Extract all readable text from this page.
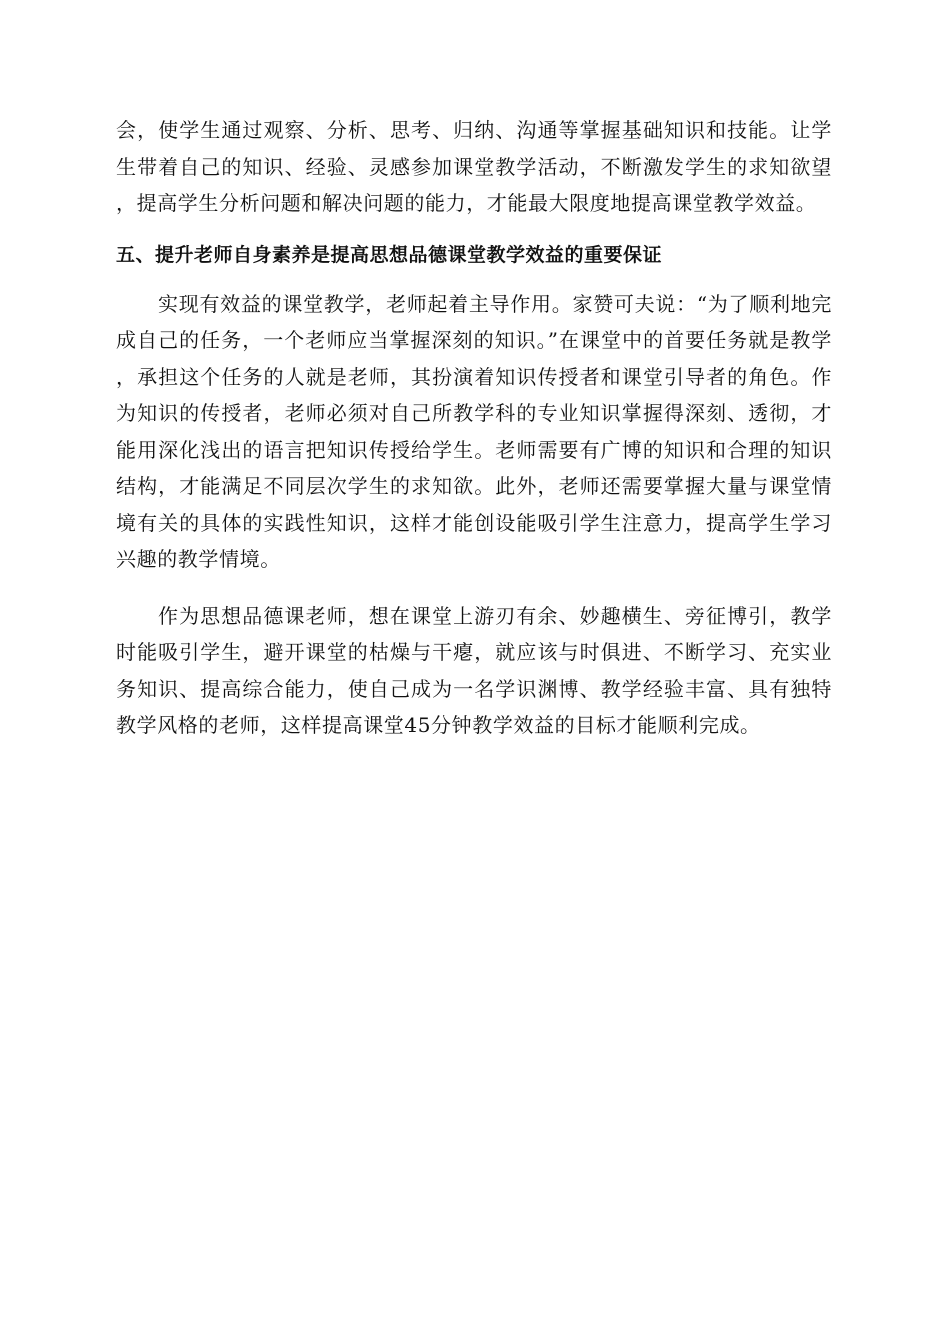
会，使学生通过观察、分析、思考、归纳、沟通等掌握基础知识和技能。让学生带着自己的知识、经验、灵感参加课堂教学活动，不断激发学生的求知欲望，提高学生分析问题和解决问题的能力，才能最大限度地提高课堂教学效益。

五、提升老师自身素养是提高思想品德课堂教学效益的重要保证

实现有效益的课堂教学，老师起着主导作用。家赞可夫说：“为了顺利地完成自己的任务，一个老师应当掌握深刻的知识。”在课堂中的首要任务就是教学，承担这个任务的人就是老师，其扮演着知识传授者和课堂引导者的角色。作为知识的传授者，老师必须对自己所教学科的专业知识掌握得深刻、透彻，才能用深化浅出的语言把知识传授给学生。老师需要有广博的知识和合理的知识结构，才能满足不同层次学生的求知欲。此外，老师还需要掌握大量与课堂情境有关的具体的实践性知识，这样才能创设能吸引学生注意力，提高学生学习兴趣的教学情境。

作为思想品德课老师，想在课堂上游刃有余、妙趣横生、旁征博引，教学时能吸引学生，避开课堂的枯燥与干瘪，就应该与时俱进、不断学习、充实业务知识、提高综合能力，使自己成为一名学识渊博、教学经验丰富、具有独特教学风格的老师，这样提高课堂45分钟教学效益的目标才能顺利完成。
